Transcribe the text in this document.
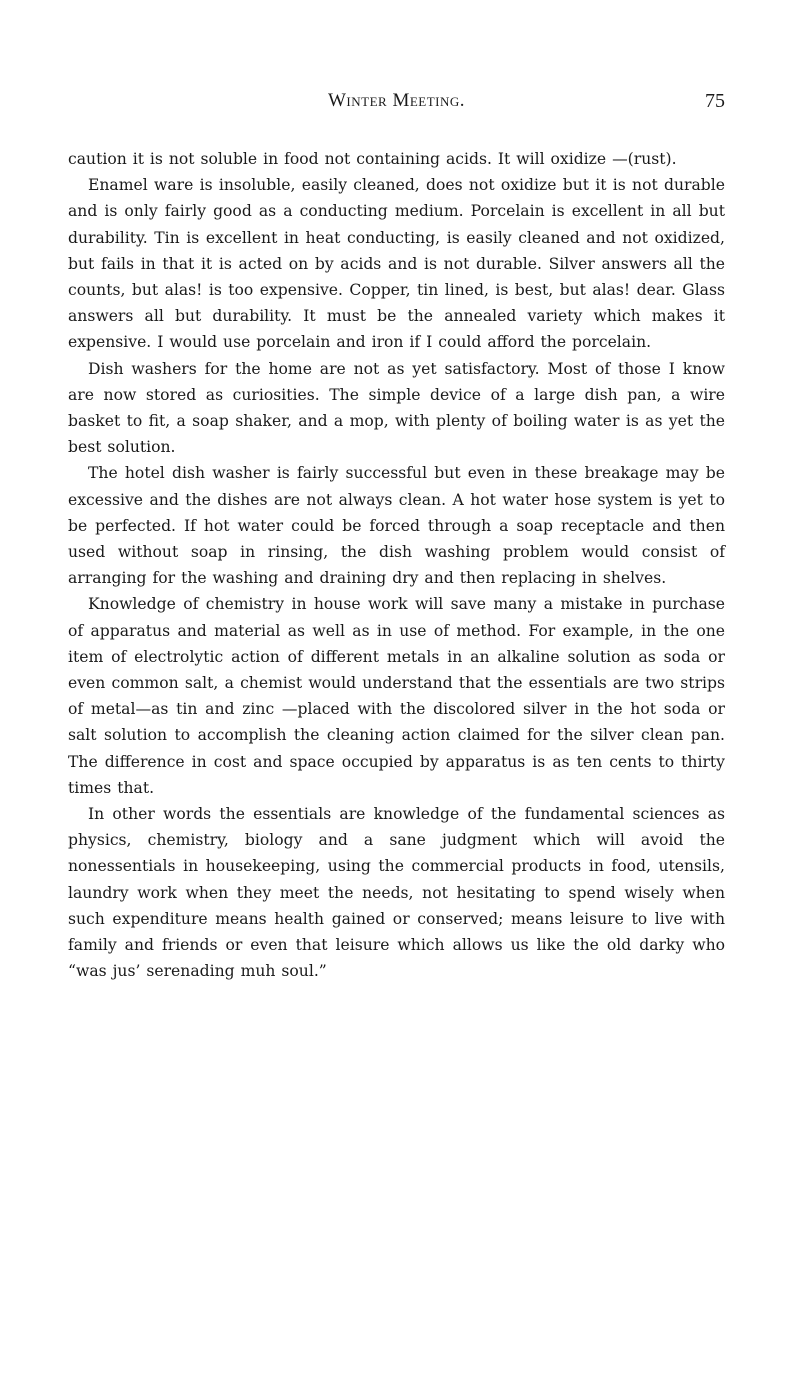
Winter Meeting.	75

caution it is not soluble in food not containing acids. It will oxidize —(rust).

Enamel ware is insoluble, easily cleaned, does not oxidize but it is not durable and is only fairly good as a conducting medium. Porcelain is excellent in all but durability. Tin is excellent in heat conducting, is easily cleaned and not oxidized, but fails in that it is acted on by acids and is not durable. Silver answers all the counts, but alas! is too expensive. Copper, tin lined, is best, but alas! dear. Glass answers all but durability. It must be the annealed variety which makes it expensive. I would use porcelain and iron if I could afford the porcelain.

Dish washers for the home are not as yet satisfactory. Most of those I know are now stored as curiosities. The simple device of a large dish pan, a wire basket to fit, a soap shaker, and a mop, with plenty of boiling water is as yet the best solution.

The hotel dish washer is fairly successful but even in these breakage may be excessive and the dishes are not always clean. A hot water hose system is yet to be perfected. If hot water could be forced through a soap receptacle and then used without soap in rinsing, the dish washing problem would consist of arranging for the washing and draining dry and then replacing in shelves.

Knowledge of chemistry in house work will save many a mistake in purchase of apparatus and material as well as in use of method. For example, in the one item of electrolytic action of different metals in an alkaline solution as soda or even common salt, a chemist would understand that the essentials are two strips of metal—as tin and zinc —placed with the discolored silver in the hot soda or salt solution to accomplish the cleaning action claimed for the silver clean pan. The difference in cost and space occupied by apparatus is as ten cents to thirty times that.

In other words the essentials are knowledge of the fundamental sciences as physics, chemistry, biology and a sane judgment which will avoid the nonessentials in housekeeping, using the commercial products in food, utensils, laundry work when they meet the needs, not hesitating to spend wisely when such expenditure means health gained or conserved; means leisure to live with family and friends or even that leisure which allows us like the old darky who “was jus’ serenading muh soul.”
